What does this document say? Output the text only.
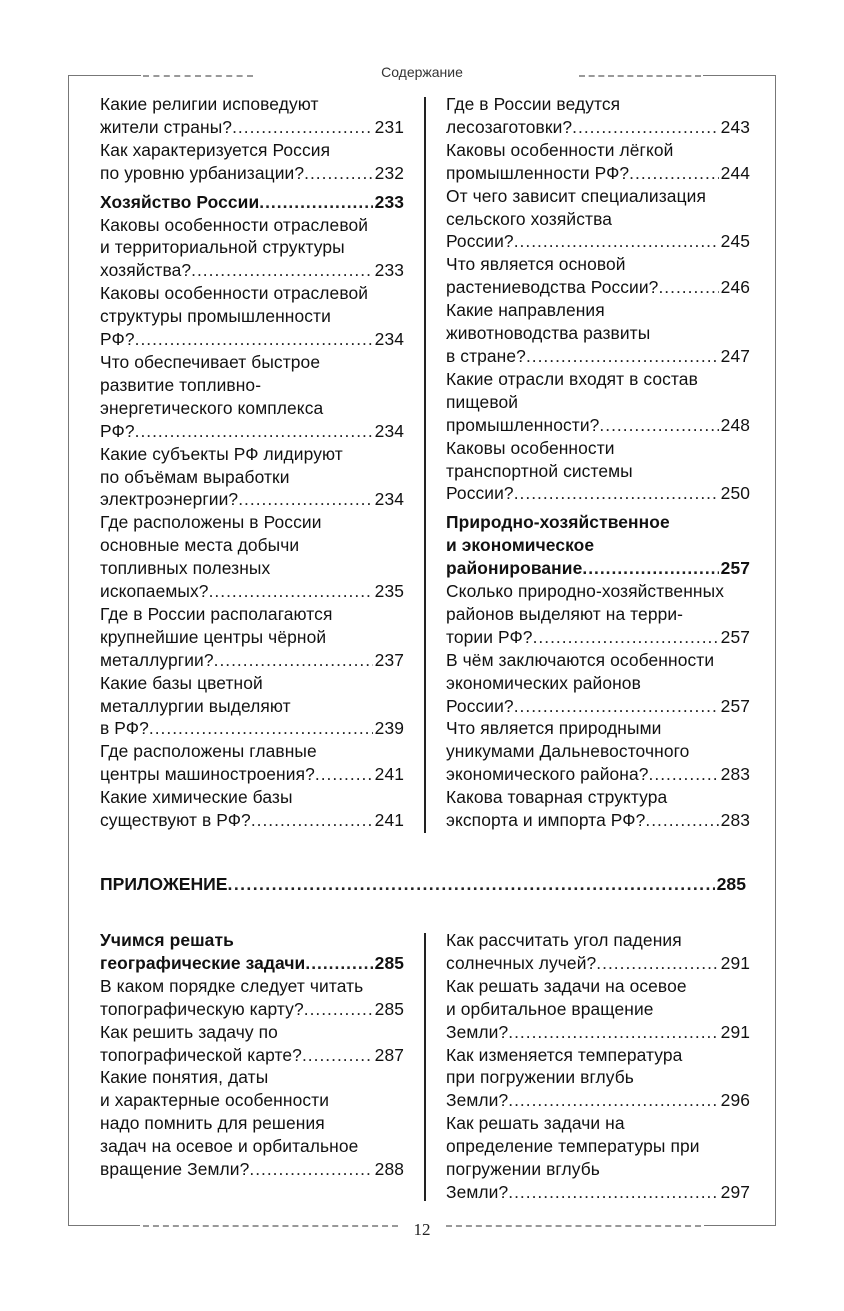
Содержание
Какие религии исповедуют
жители страны? .....	231
Как характеризуется Россия
по уровню урбанизации? .....	232
Хозяйство России .....	233
Каковы особенности отраслевой
и территориальной структуры
хозяйства? .....	233
Каковы особенности отраслевой
структуры промышленности
РФ? .....	234
Что обеспечивает быстрое
развитие топливно-
энергетического комплекса
РФ? .....	234
Какие субъекты РФ лидируют
по объёмам выработки
электроэнергии? .....	234
Где расположены в России
основные места добычи
топливных полезных
ископаемых? .....	235
Где в России располагаются
крупнейшие центры чёрной
металлургии? .....	237
Какие базы цветной
металлургии выделяют
в РФ? .....	239
Где расположены главные
центры машиностроения? .....	241
Какие химические базы
существуют в РФ? .....	241
Где в России ведутся
лесозаготовки? .....	243
Каковы особенности лёгкой
промышленности РФ? .....	244
От чего зависит специализация
сельского хозяйства
России? .....	245
Что является основой
растениеводства России? .....	246
Какие направления
животноводства развиты
в стране? .....	247
Какие отрасли входят в состав
пищевой
промышленности? .....	248
Каковы особенности
транспортной системы
России? .....	250
Природно-хозяйственное
и экономическое
районирование .....	257
Сколько природно-хозяйственных
районов выделяют на терри-
тории РФ? .....	257
В чём заключаются особенности
экономических районов
России? .....	257
Что является природными
уникумами Дальневосточного
экономического района? .....	283
Какова товарная структура
экспорта и импорта РФ? .....	283
ПРИЛОЖЕНИЕ .....	285
Учимся решать
географические задачи .....	285
В каком порядке следует читать
топографическую карту? .....	285
Как решить задачу по
топографической карте? .....	287
Какие понятия, даты
и характерные особенности
надо помнить для решения
задач на осевое и орбитальное
вращение Земли? .....	288
Как рассчитать угол падения
солнечных лучей? .....	291
Как решать задачи на осевое
и орбитальное вращение
Земли? .....	291
Как изменяется температура
при погружении вглубь
Земли? .....	296
Как решать задачи на
определение температуры при
погружении вглубь
Земли? .....	297
12
